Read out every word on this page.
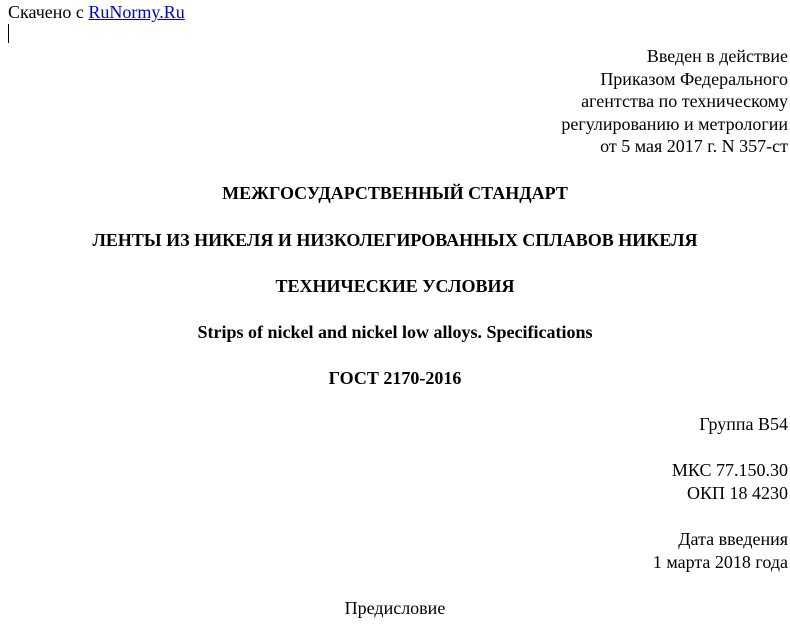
Скачено с RuNormy.Ru
Введен в действие
Приказом Федерального
агентства по техническому
регулированию и метрологии
от 5 мая 2017 г. N 357-ст
МЕЖГОСУДАРСТВЕННЫЙ СТАНДАРТ
ЛЕНТЫ ИЗ НИКЕЛЯ И НИЗКОЛЕГИРОВАННЫХ СПЛАВОВ НИКЕЛЯ
ТЕХНИЧЕСКИЕ УСЛОВИЯ
Strips of nickel and nickel low alloys. Specifications
ГОСТ 2170-2016
Группа B54
МКС 77.150.30
ОКП 18 4230
Дата введения
1 марта 2018 года
Предисловие
